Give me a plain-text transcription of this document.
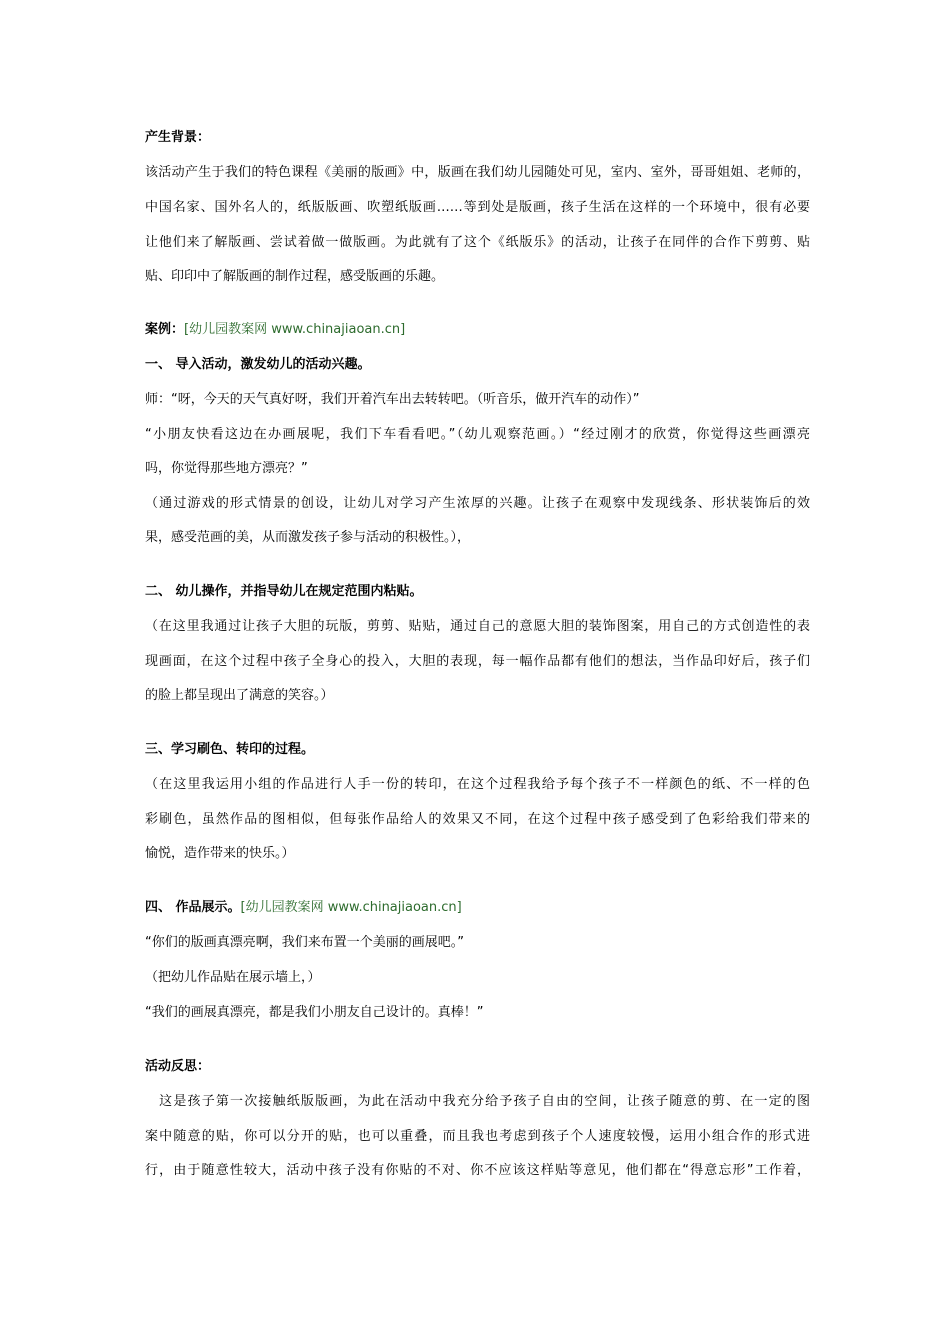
产生背景：
该活动产生于我们的特色课程《美丽的版画》中，版画在我们幼儿园随处可见，室内、室外，哥哥姐姐、老师的，
中国名家、国外名人的，纸版版画、吹塑纸版画……等到处是版画，孩子生活在这样的一个环境中，很有必要
让他们来了解版画、尝试着做一做版画。为此就有了这个《纸版乐》的活动，让孩子在同伴的合作下剪剪、贴
贴、印印中了解版画的制作过程，感受版画的乐趣。
案例：[幼儿园教案网 www.chinajiaoan.cn]
一、 导入活动，激发幼儿的活动兴趣。
师：“呀，今天的天气真好呀，我们开着汽车出去转转吧。（听音乐，做开汽车的动作）”
“小朋友快看这边在办画展呢，我们下车看看吧。”（幼儿观察范画。）“经过刚才的欣赏，你觉得这些画漂亮
吗，你觉得那些地方漂亮？”
（通过游戏的形式情景的创设，让幼儿对学习产生浓厚的兴趣。让孩子在观察中发现线条、形状装饰后的效
果，感受范画的美，从而激发孩子参与活动的积极性。），
二、 幼儿操作，并指导幼儿在规定范围内粘贴。
（在这里我通过让孩子大胆的玩版，剪剪、贴贴，通过自己的意愿大胆的装饰图案，用自己的方式创造性的表
现画面，在这个过程中孩子全身心的投入，大胆的表现，每一幅作品都有他们的想法，当作品印好后，孩子们
的脸上都呈现出了满意的笑容。）
三、学习刷色、转印的过程。
（在这里我运用小组的作品进行人手一份的转印，在这个过程我给予每个孩子不一样颜色的纸、不一样的色
彩刷色，虽然作品的图相似，但每张作品给人的效果又不同，在这个过程中孩子感受到了色彩给我们带来的
愉悦，造作带来的快乐。）
四、 作品展示。[幼儿园教案网 www.chinajiaoan.cn]
“你们的版画真漂亮啊，我们来布置一个美丽的画展吧。”
（把幼儿作品贴在展示墙上，）
“我们的画展真漂亮，都是我们小朋友自己设计的。真棒！”
活动反思：
　这是孩子第一次接触纸版版画，为此在活动中我充分给予孩子自由的空间，让孩子随意的剪、在一定的图
案中随意的贴，你可以分开的贴，也可以重叠，而且我也考虑到孩子个人速度较慢，运用小组合作的形式进
行，由于随意性较大，活动中孩子没有你贴的不对、你不应该这样贴等意见，他们都在“得意忘形”工作着，
